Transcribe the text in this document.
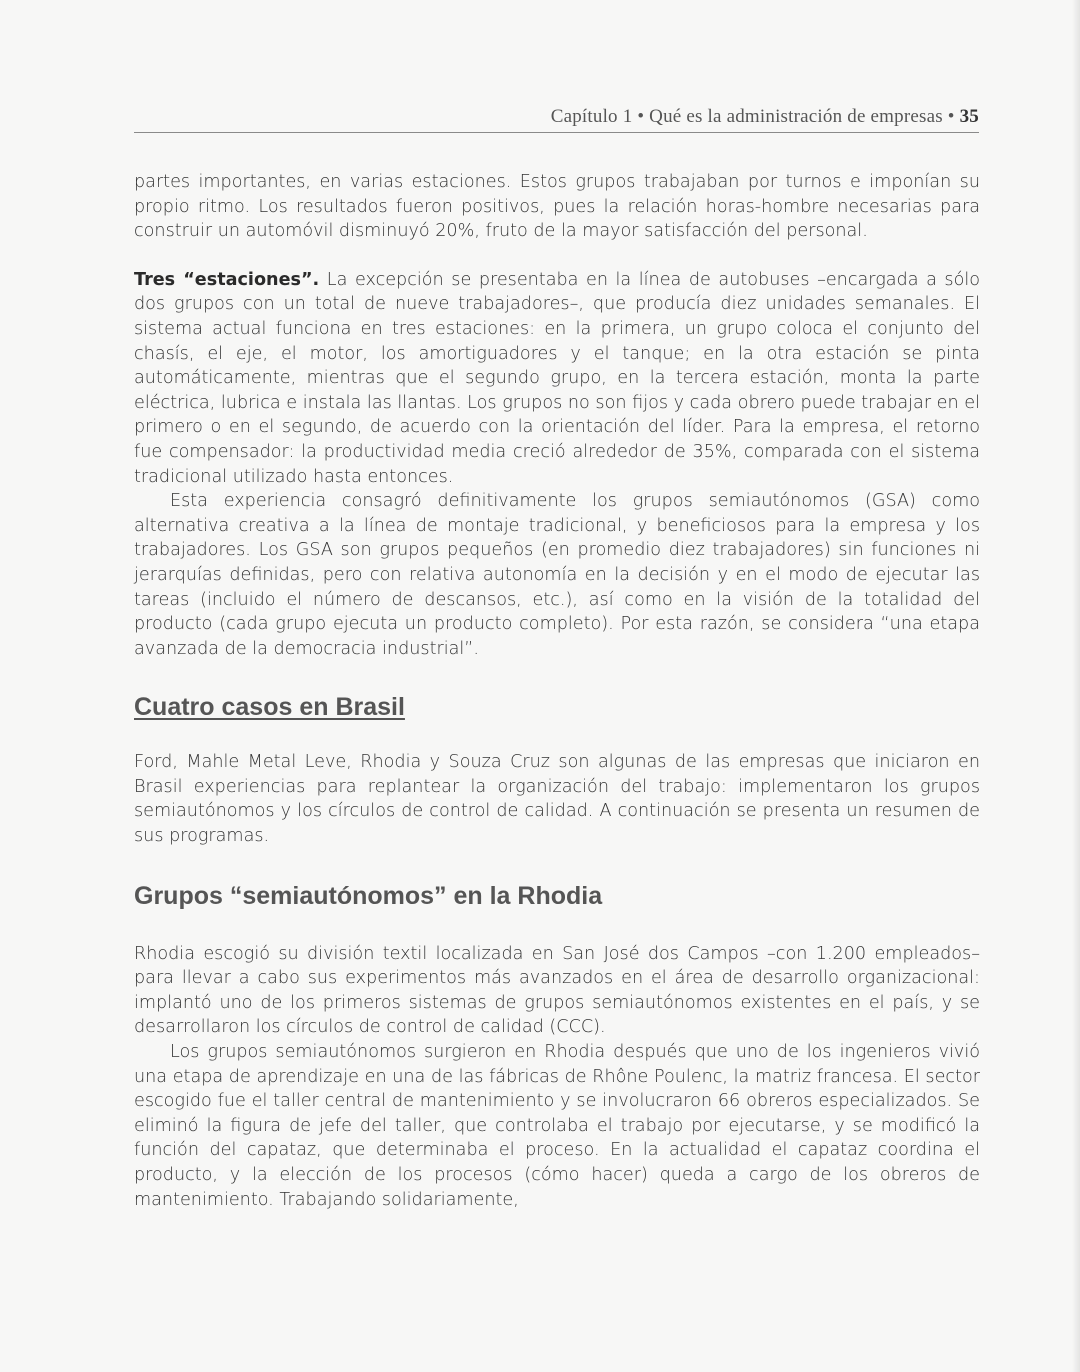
Capítulo 1 • Qué es la administración de empresas • 35

partes importantes, en varias estaciones. Estos grupos trabajaban por turnos e imponían su propio ritmo. Los resultados fueron positivos, pues la relación horas-hombre necesarias para construir un automóvil disminuyó 20%, fruto de la mayor satisfacción del personal.

Tres “estaciones”. La excepción se presentaba en la línea de autobuses –encargada a sólo dos grupos con un total de nueve trabajadores–, que producía diez unidades semanales. El sistema actual funciona en tres estaciones: en la primera, un grupo coloca el conjunto del chasís, el eje, el motor, los amortiguadores y el tanque; en la otra estación se pinta automáticamente, mientras que el segundo grupo, en la tercera estación, monta la parte eléctrica, lubrica e instala las llantas. Los grupos no son fijos y cada obrero puede trabajar en el primero o en el segundo, de acuerdo con la orientación del líder. Para la empresa, el retorno fue compensador: la productividad media creció alrededor de 35%, comparada con el sistema tradicional utilizado hasta entonces.

Esta experiencia consagró definitivamente los grupos semiautónomos (GSA) como alternativa creativa a la línea de montaje tradicional, y beneficiosos para la empresa y los trabajadores. Los GSA son grupos pequeños (en promedio diez trabajadores) sin funciones ni jerarquías definidas, pero con relativa autonomía en la decisión y en el modo de ejecutar las tareas (incluido el número de descansos, etc.), así como en la visión de la totalidad del producto (cada grupo ejecuta un producto completo). Por esta razón, se considera “una etapa avanzada de la democracia industrial”.

Cuatro casos en Brasil

Ford, Mahle Metal Leve, Rhodia y Souza Cruz son algunas de las empresas que iniciaron en Brasil experiencias para replantear la organización del trabajo: implementaron los grupos semiautónomos y los círculos de control de calidad. A continuación se presenta un resumen de sus programas.

Grupos “semiautónomos” en la Rhodia

Rhodia escogió su división textil localizada en San José dos Campos –con 1.200 empleados– para llevar a cabo sus experimentos más avanzados en el área de desarrollo organizacional: implantó uno de los primeros sistemas de grupos semiautónomos existentes en el país, y se desarrollaron los círculos de control de calidad (CCC).

Los grupos semiautónomos surgieron en Rhodia después que uno de los ingenieros vivió una etapa de aprendizaje en una de las fábricas de Rhône Poulenc, la matriz francesa. El sector escogido fue el taller central de mantenimiento y se involucraron 66 obreros especializados. Se eliminó la figura de jefe del taller, que controlaba el trabajo por ejecutarse, y se modificó la función del capataz, que determinaba el proceso. En la actualidad el capataz coordina el producto, y la elección de los procesos (cómo hacer) queda a cargo de los obreros de mantenimiento. Trabajando solidariamente,
